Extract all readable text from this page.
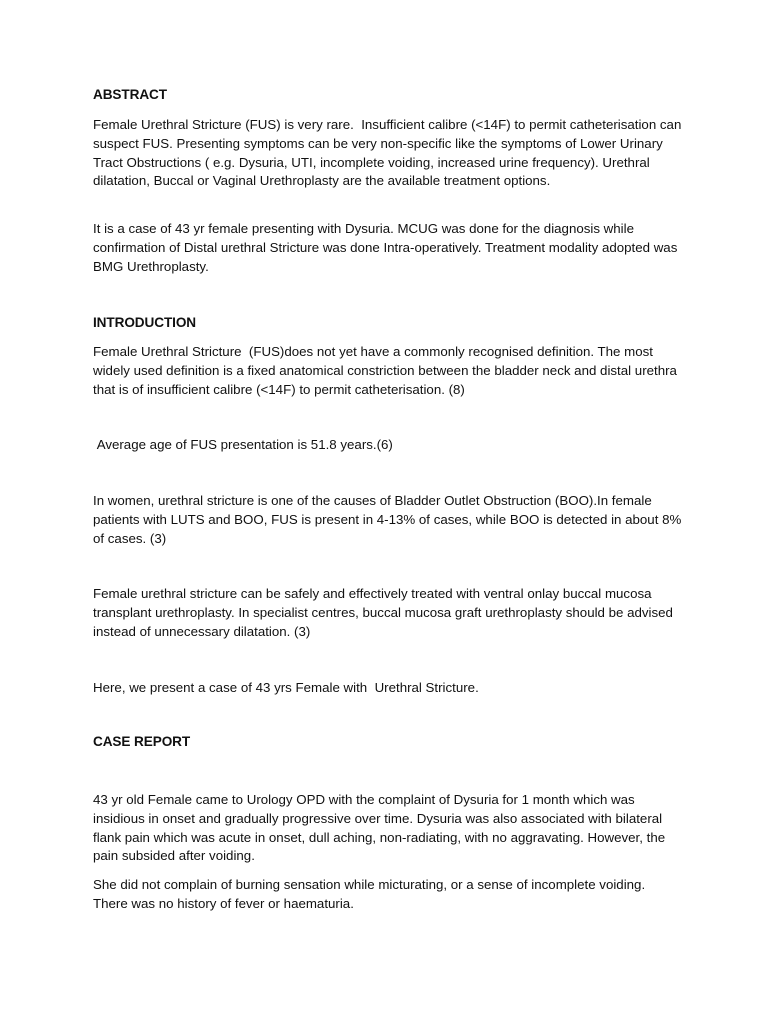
ABSTRACT
Female Urethral Stricture (FUS) is very rare.  Insufficient calibre (<14F) to permit catheterisation can suspect FUS. Presenting symptoms can be very non-specific like the symptoms of Lower Urinary Tract Obstructions ( e.g. Dysuria, UTI, incomplete voiding, increased urine frequency). Urethral dilatation, Buccal or Vaginal Urethroplasty are the available treatment options.
It is a case of 43 yr female presenting with Dysuria. MCUG was done for the diagnosis while confirmation of Distal urethral Stricture was done Intra-operatively. Treatment modality adopted was BMG Urethroplasty.
INTRODUCTION
Female Urethral Stricture  (FUS)does not yet have a commonly recognised definition. The most widely used definition is a fixed anatomical constriction between the bladder neck and distal urethra that is of insufficient calibre (<14F) to permit catheterisation. (8)
Average age of FUS presentation is 51.8 years.(6)
In women, urethral stricture is one of the causes of Bladder Outlet Obstruction (BOO).In female patients with LUTS and BOO, FUS is present in 4-13% of cases, while BOO is detected in about 8% of cases. (3)
Female urethral stricture can be safely and effectively treated with ventral onlay buccal mucosa transplant urethroplasty. In specialist centres, buccal mucosa graft urethroplasty should be advised instead of unnecessary dilatation. (3)
Here, we present a case of 43 yrs Female with  Urethral Stricture.
CASE REPORT
43 yr old Female came to Urology OPD with the complaint of Dysuria for 1 month which was insidious in onset and gradually progressive over time. Dysuria was also associated with bilateral flank pain which was acute in onset, dull aching, non-radiating, with no aggravating. However, the pain subsided after voiding.
She did not complain of burning sensation while micturating, or a sense of incomplete voiding. There was no history of fever or haematuria.
